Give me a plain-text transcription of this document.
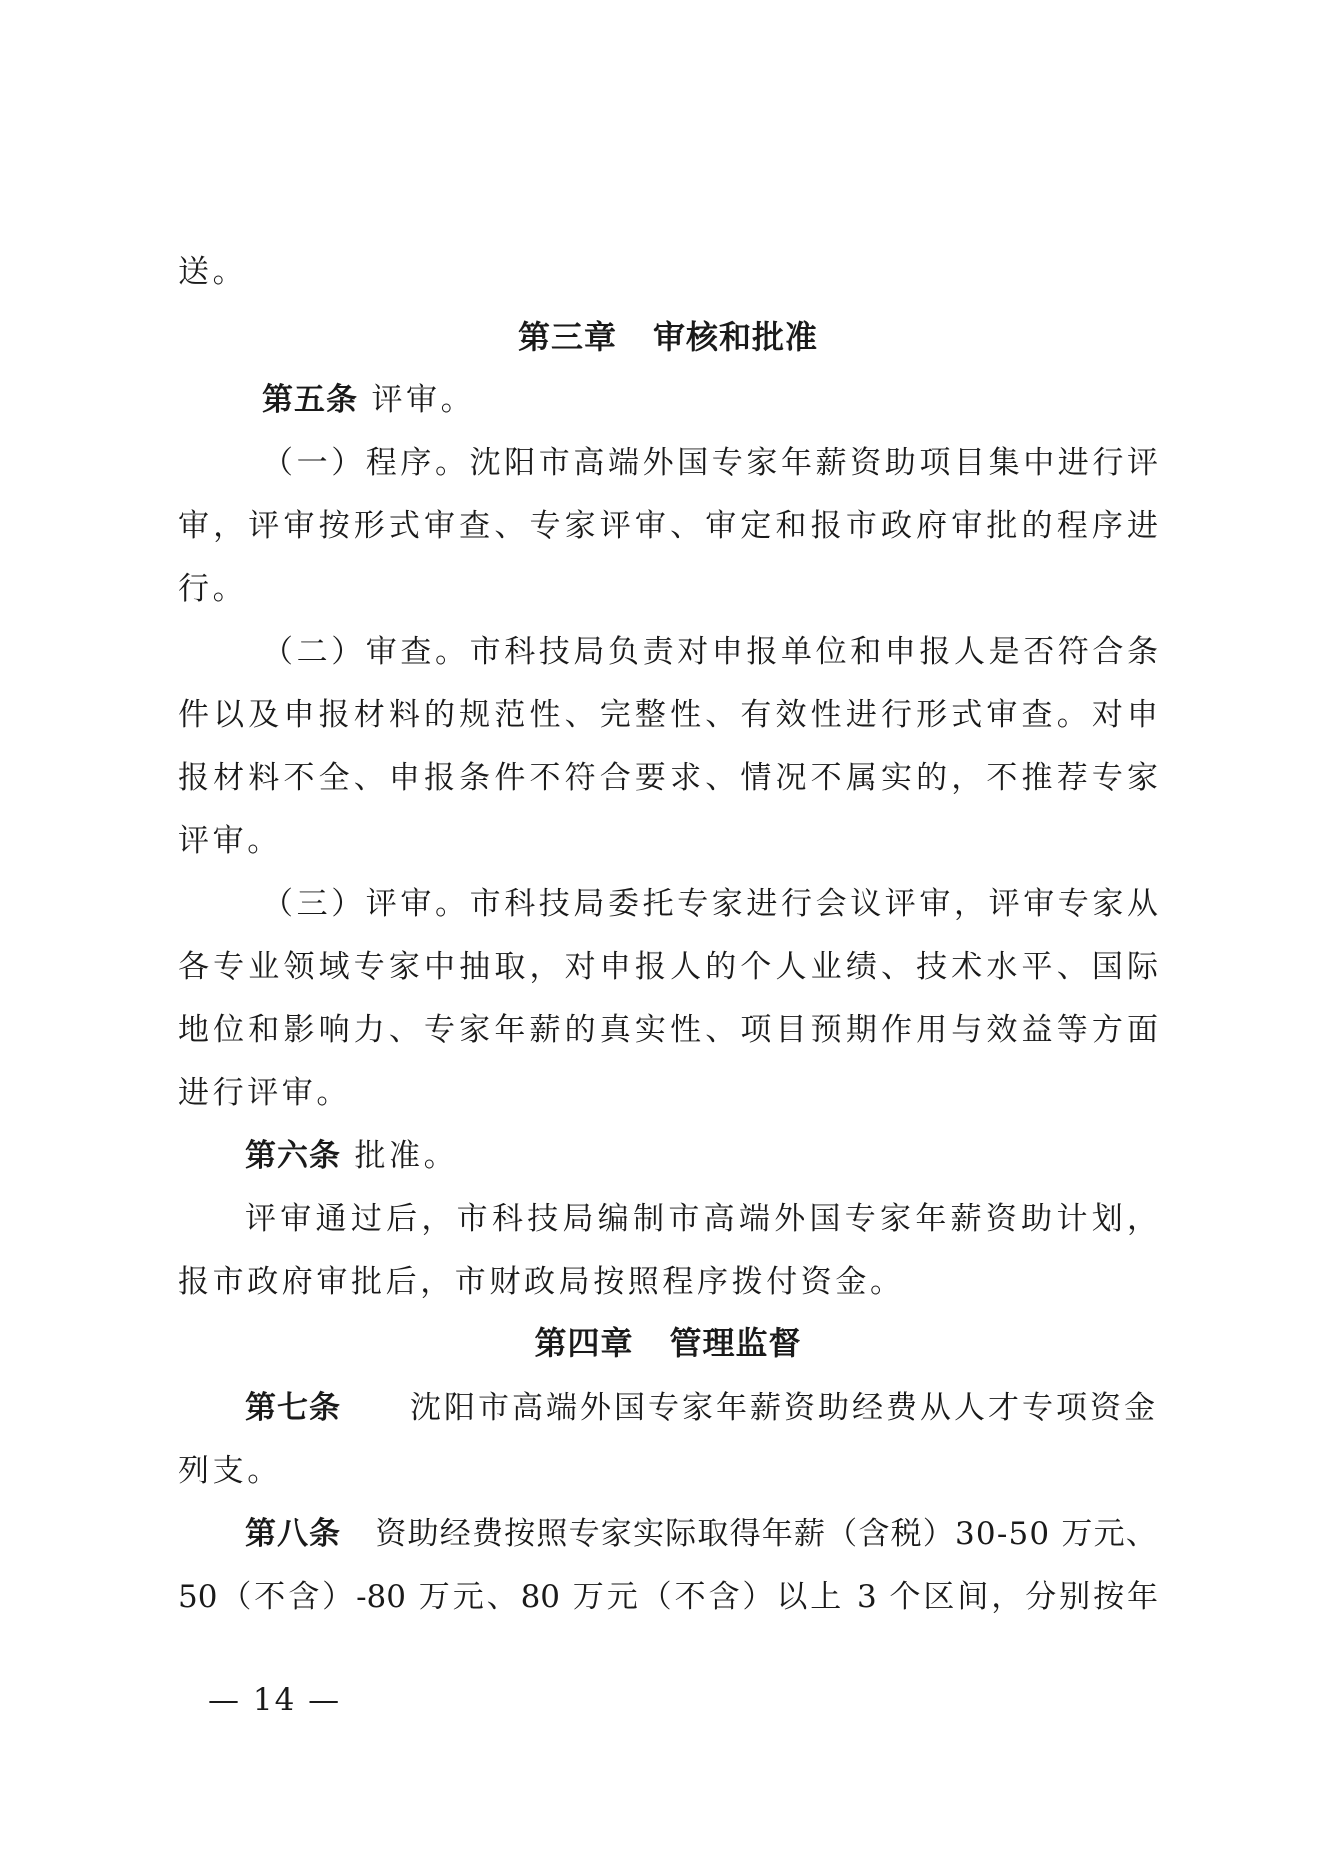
送。
第三章 审核和批准
第五条 评审。
（一）程序。沈阳市高端外国专家年薪资助项目集中进行评
审，评审按形式审查、专家评审、审定和报市政府审批的程序进
行。
（二）审查。市科技局负责对申报单位和申报人是否符合条
件以及申报材料的规范性、完整性、有效性进行形式审查。对申
报材料不全、申报条件不符合要求、情况不属实的，不推荐专家
评审。
（三）评审。市科技局委托专家进行会议评审，评审专家从
各专业领域专家中抽取，对申报人的个人业绩、技术水平、国际
地位和影响力、专家年薪的真实性、项目预期作用与效益等方面
进行评审。
第六条 批准。
评审通过后，市科技局编制市高端外国专家年薪资助计划，
报市政府审批后，市财政局按照程序拨付资金。
第四章 管理监督
第七条 沈阳市高端外国专家年薪资助经费从人才专项资金
列支。
第八条 资助经费按照专家实际取得年薪（含税）30-50 万元、
50（不含）-80 万元、80 万元（不含）以上 3 个区间，分别按年
— 14 —
